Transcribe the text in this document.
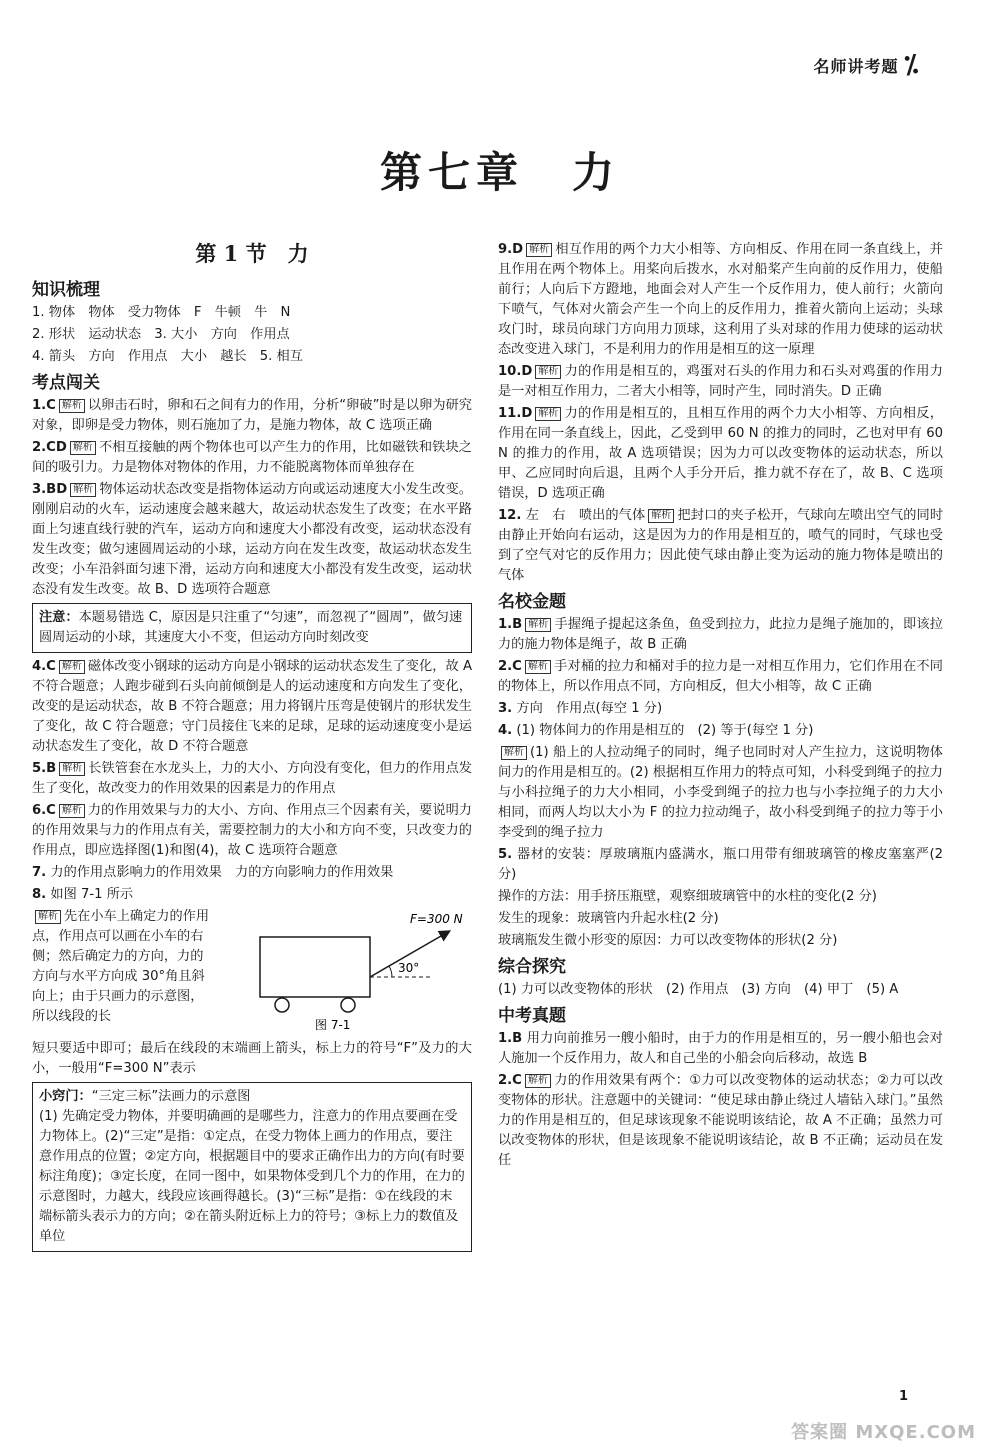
名师讲考题 ⁒
第七章　力
第 1 节　力
知识梳理
1. 物体　物体　受力物体　F　牛顿　牛　N
2. 形状　运动状态　3. 大小　方向　作用点
4. 箭头　方向　作用点　大小　越长　5. 相互
考点闯关
1.C 解析 以卵击石时，卵和石之间有力的作用，分析“卵破”时是以卵为研究对象，即卵是受力物体，则石施加了力，是施力物体，故 C 选项正确
2.CD 解析 不相互接触的两个物体也可以产生力的作用，比如磁铁和铁块之间的吸引力。力是物体对物体的作用，力不能脱离物体而单独存在
3.BD 解析 物体运动状态改变是指物体运动方向或运动速度大小发生改变。刚刚启动的火车，运动速度会越来越大，故运动状态发生了改变；在水平路面上匀速直线行驶的汽车，运动方向和速度大小都没有改变，运动状态没有发生改变；做匀速圆周运动的小球，运动方向在发生改变，故运动状态发生改变；小车沿斜面匀速下滑，运动方向和速度大小都没有发生改变，运动状态没有发生改变。故 B、D 选项符合题意
注意：本题易错选 C，原因是只注重了“匀速”，而忽视了“圆周”，做匀速圆周运动的小球，其速度大小不变，但运动方向时刻改变
4.C 解析 磁体改变小钢球的运动方向是小钢球的运动状态发生了变化，故 A 不符合题意；人跑步碰到石头向前倾倒是人的运动速度和方向发生了变化，改变的是运动状态，故 B 不符合题意；用力将钢片压弯是使钢片的形状发生了变化，故 C 符合题意；守门员接住飞来的足球，足球的运动速度变小是运动状态发生了变化，故 D 不符合题意
5.B 解析 长铁管套在水龙头上，力的大小、方向没有变化，但力的作用点发生了变化，故改变力的作用效果的因素是力的作用点
6.C 解析 力的作用效果与力的大小、方向、作用点三个因素有关，要说明力的作用效果与力的作用点有关，需要控制力的大小和方向不变，只改变力的作用点，即应选择图(1)和图(4)，故 C 选项符合题意
7. 力的作用点影响力的作用效果　力的方向影响力的作用效果
8. 如图 7-1 所示
解析 先在小车上确定力的作用点，作用点可以画在小车的右侧；然后确定力的方向，力的方向与水平方向成 30°角且斜向上；由于只画力的示意图，所以线段的长
30°
F=300 N
图 7-1
短只要适中即可；最后在线段的末端画上箭头，标上力的符号“F”及力的大小，一般用“F=300 N”表示
小窍门：“三定三标”法画力的示意图
(1) 先确定受力物体，并要明确画的是哪些力，注意力的作用点要画在受力物体上。(2)“三定”是指：①定点，在受力物体上画力的作用点，要注意作用点的位置；②定方向，根据题目中的要求正确作出力的方向(有时要标注角度)；③定长度，在同一图中，如果物体受到几个力的作用，在力的示意图时，力越大，线段应该画得越长。(3)“三标”是指：①在线段的末端标箭头表示力的方向；②在箭头附近标上力的符号；③标上力的数值及单位
9.D 解析 相互作用的两个力大小相等、方向相反、作用在同一条直线上，并且作用在两个物体上。用桨向后拨水，水对船桨产生向前的反作用力，使船前行；人向后下方蹬地，地面会对人产生一个反作用力，使人前行；火箭向下喷气，气体对火箭会产生一个向上的反作用力，推着火箭向上运动；头球攻门时，球员向球门方向用力顶球，这利用了头对球的作用力使球的运动状态改变进入球门，不是利用力的作用是相互的这一原理
10.D 解析 力的作用是相互的，鸡蛋对石头的作用力和石头对鸡蛋的作用力是一对相互作用力，二者大小相等，同时产生，同时消失。D 正确
11.D 解析 力的作用是相互的，且相互作用的两个力大小相等、方向相反，作用在同一条直线上，因此，乙受到甲 60 N 的推力的同时，乙也对甲有 60 N 的推力的作用，故 A 选项错误；因为力可以改变物体的运动状态，所以甲、乙应同时向后退，且两个人手分开后，推力就不存在了，故 B、C 选项错误，D 选项正确
12. 左　右　喷出的气体 解析 把封口的夹子松开，气球向左喷出空气的同时由静止开始向右运动，这是因为力的作用是相互的，喷气的同时，气球也受到了空气对它的反作用力；因此使气球由静止变为运动的施力物体是喷出的气体
名校金题
1.B 解析 手握绳子提起这条鱼，鱼受到拉力，此拉力是绳子施加的，即该拉力的施力物体是绳子，故 B 正确
2.C 解析 手对桶的拉力和桶对手的拉力是一对相互作用力，它们作用在不同的物体上，所以作用点不同，方向相反，但大小相等，故 C 正确
3. 方向　作用点(每空 1 分)
4. (1) 物体间力的作用是相互的　(2) 等于(每空 1 分)
解析 (1) 船上的人拉动绳子的同时，绳子也同时对人产生拉力，这说明物体间力的作用是相互的。(2) 根据相互作用力的特点可知，小科受到绳子的拉力与小科拉绳子的力大小相同，小李受到绳子的拉力也与小李拉绳子的力大小相同，而两人均以大小为 F 的拉力拉动绳子，故小科受到绳子的拉力等于小李受到的绳子拉力
5. 器材的安装：厚玻璃瓶内盛满水，瓶口用带有细玻璃管的橡皮塞塞严(2 分)
操作的方法：用手挤压瓶壁，观察细玻璃管中的水柱的变化(2 分)
发生的现象：玻璃管内升起水柱(2 分)
玻璃瓶发生微小形变的原因：力可以改变物体的形状(2 分)
综合探究
(1) 力可以改变物体的形状　(2) 作用点　(3) 方向　(4) 甲丁　(5) A
中考真题
1.B 用力向前推另一艘小船时，由于力的作用是相互的，另一艘小船也会对人施加一个反作用力，故人和自己坐的小船会向后移动，故选 B
2.C 解析 力的作用效果有两个：①力可以改变物体的运动状态；②力可以改变物体的形状。注意题中的关键词：“使足球由静止绕过人墙钻入球门。”虽然力的作用是相互的，但足球该现象不能说明该结论，故 A 不正确；虽然力可以改变物体的形状，但是该现象不能说明该结论，故 B 不正确；运动员在发任
1
答案圈 MXQE.COM
